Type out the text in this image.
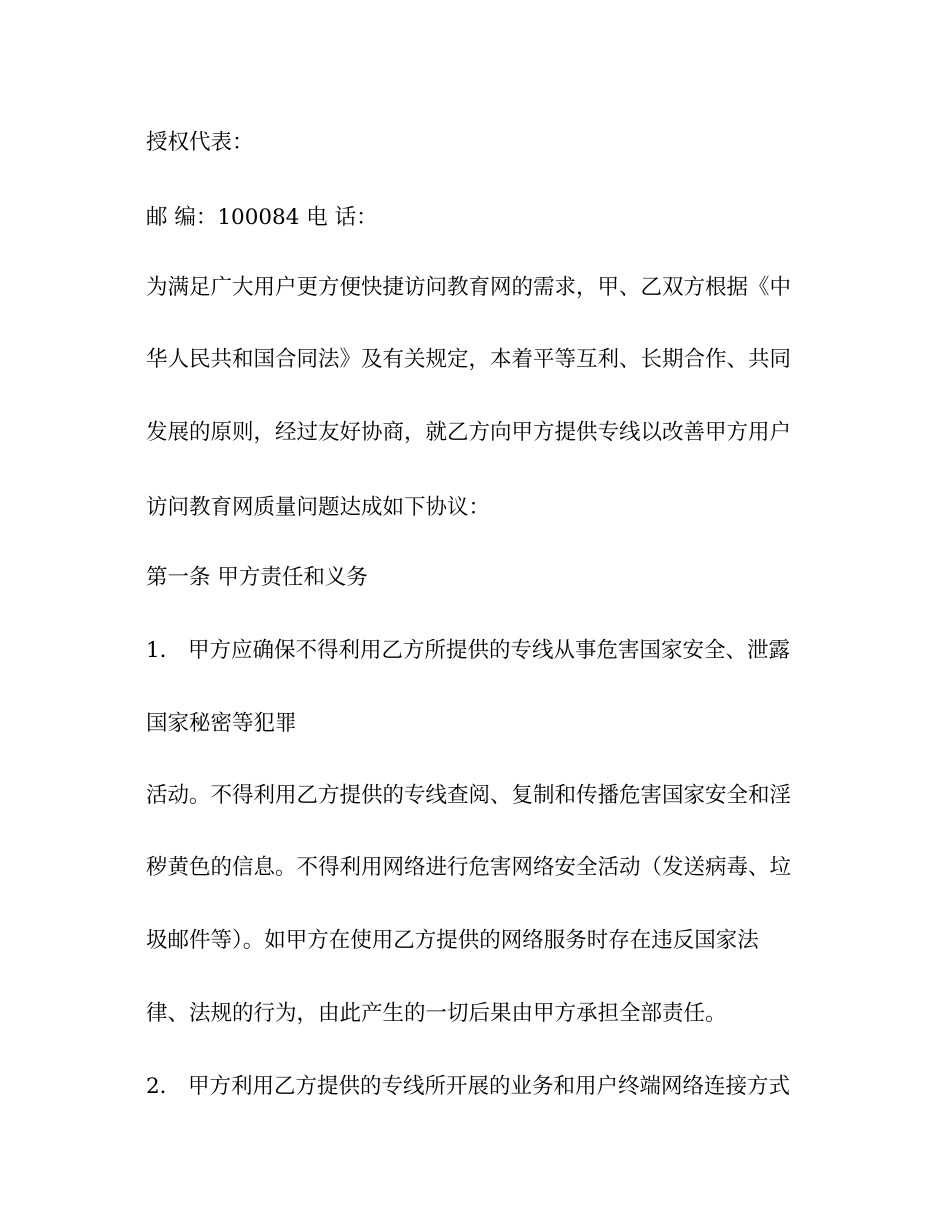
授权代表：
邮 编：100084 电 话：
为满足广大用户更方便快捷访问教育网的需求，甲、乙双方根据《中
华人民共和国合同法》及有关规定，本着平等互利、长期合作、共同
发展的原则，经过友好协商，就乙方向甲方提供专线以改善甲方用户
访问教育网质量问题达成如下协议：
第一条 甲方责任和义务
1． 甲方应确保不得利用乙方所提供的专线从事危害国家安全、泄露
国家秘密等犯罪
活动。不得利用乙方提供的专线查阅、复制和传播危害国家安全和淫
秽黄色的信息。不得利用网络进行危害网络安全活动（发送病毒、垃
圾邮件等）。如甲方在使用乙方提供的网络服务时存在违反国家法
律、法规的行为，由此产生的一切后果由甲方承担全部责任。
2． 甲方利用乙方提供的专线所开展的业务和用户终端网络连接方式
